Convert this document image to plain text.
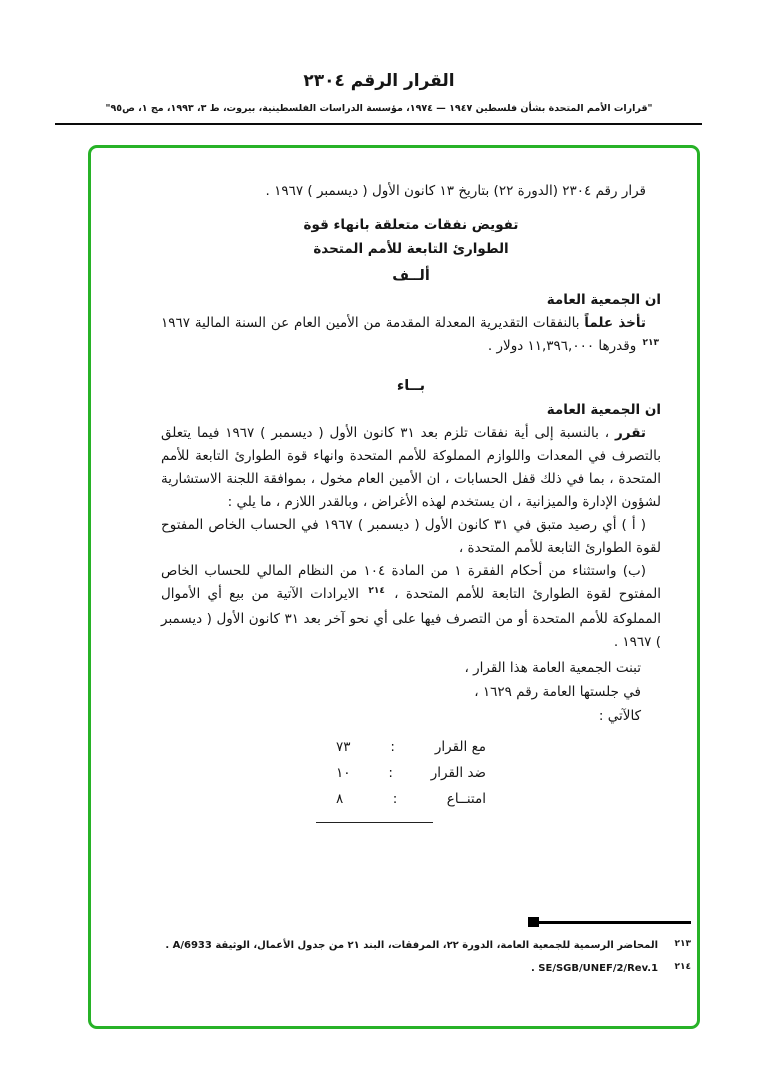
القرار الرقم ٢٣٠٤
"قرارات الأمم المتحدة بشأن فلسطين ١٩٤٧ — ١٩٧٤، مؤسسة الدراسات الفلسطينية، بيروت، ط ٣، ١٩٩٣، مج ١، ص٩٥"

قرار رقم ٢٣٠٤ (الدورة ٢٢) بتاريخ ١٣ كانون الأول ( ديسمبر ) ١٩٦٧ .

تفويض نفقات متعلقة بانهاء قوة
الطوارئ التابعة للأمم المتحدة
ألــف
ان الجمعية العامة

تأخذ علماً بالنفقات التقديرية المعدلة المقدمة من الأمين العام عن السنة المالية ١٩٦٧ $^{٢١٣}$ وقدرها ١١,٣٩٦,٠٠٠ دولار .

بــاء
ان الجمعية العامة

تقرر ، بالنسبة إلى أية نفقات تلزم بعد ٣١ كانون الأول ( ديسمبر ) ١٩٦٧ فيما يتعلق بالتصرف في المعدات واللوازم المملوكة للأمم المتحدة وانهاء قوة الطوارئ التابعة للأمم المتحدة ، بما في ذلك قفل الحسابات ، ان الأمين العام مخول ، بموافقة اللجنة الاستشارية لشؤون الإدارة والميزانية ، ان يستخدم لهذه الأغراض ، وبالقدر اللازم ، ما يلي :

( أ ) أي رصيد متبق في ٣١ كانون الأول ( ديسمبر ) ١٩٦٧ في الحساب الخاص المفتوح لقوة الطوارئ التابعة للأمم المتحدة ،

(ب) واستثناء من أحكام الفقرة ١ من المادة ١٠٤ من النظام المالي للحساب الخاص المفتوح لقوة الطوارئ التابعة للأمم المتحدة ، $^{٢١٤}$ الايرادات الآتية من بيع أي الأموال المملوكة للأمم المتحدة أو من التصرف فيها على أي نحو آخر بعد ٣١ كانون الأول ( ديسمبر ) ١٩٦٧ .

تبنت الجمعية العامة هذا القرار ،
في جلستها العامة رقم ١٦٢٩ ،
كالآتي :
مع القرار
:
٧٣
ضد القرار
:
١٠
امتنــاع
:
٨
٢١٣ المحاضر الرسمية للجمعية العامة، الدورة ٢٢، المرفقات، البند ٢١ من جدول الأعمال، الوثيقة A/6933 .
٢١٤ SE/SGB/UNEF/2/Rev.1 .
